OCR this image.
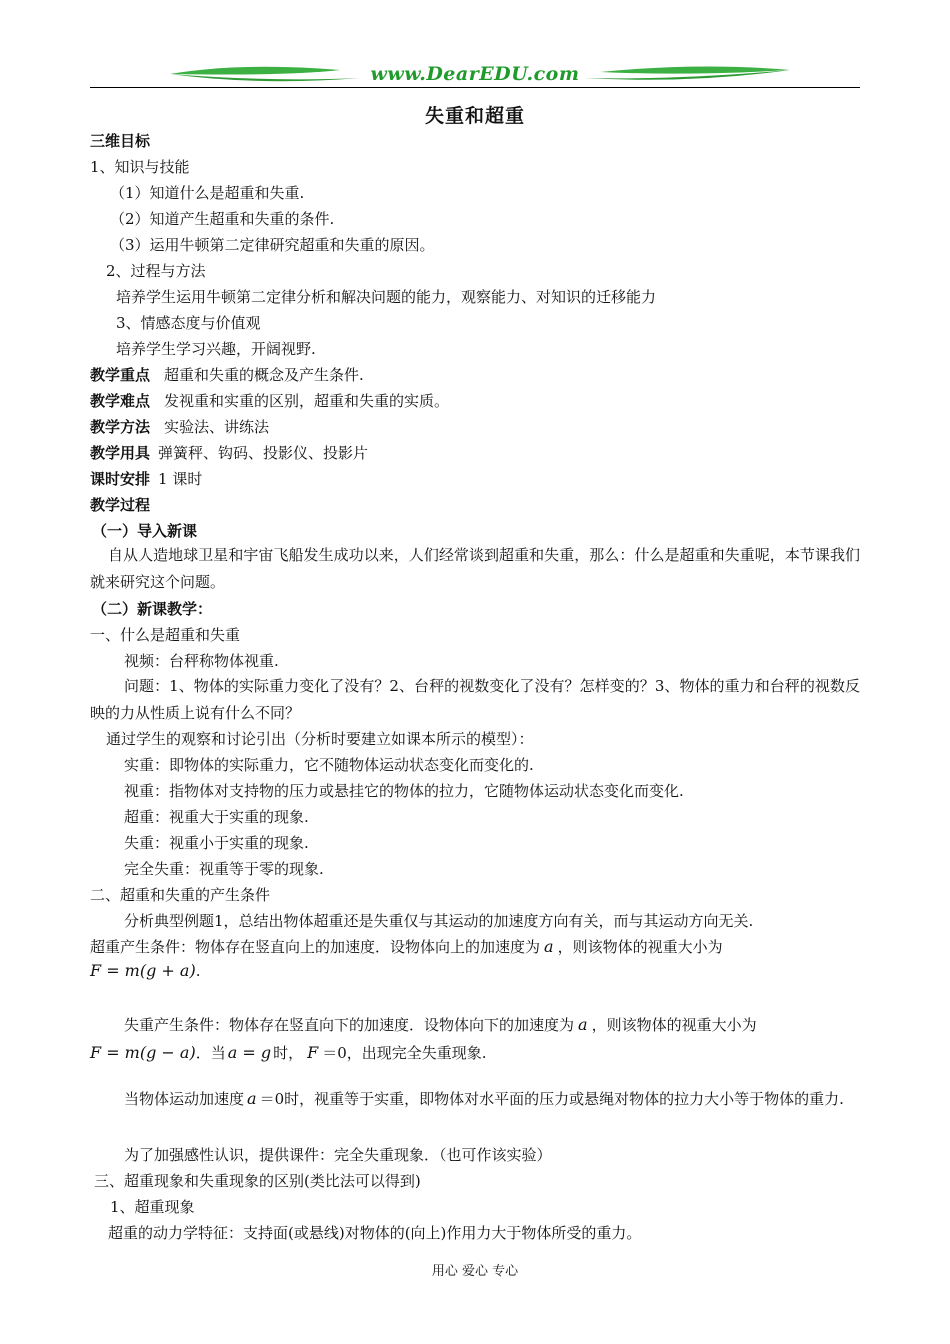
www.DearEDU.com
失重和超重
三维目标
1、知识与技能
（1）知道什么是超重和失重.
（2）知道产生超重和失重的条件.
（3）运用牛顿第二定律研究超重和失重的原因。
2、过程与方法
培养学生运用牛顿第二定律分析和解决问题的能力，观察能力、对知识的迁移能力
3、情感态度与价值观
培养学生学习兴趣，开阔视野.
教学重点 超重和失重的概念及产生条件.
教学难点 发视重和实重的区别，超重和失重的实质。
教学方法 实验法、讲练法
教学用具 弹簧秤、钩码、投影仪、投影片
课时安排 1 课时
教学过程
（一）导入新课
自从人造地球卫星和宇宙飞船发生成功以来，人们经常谈到超重和失重，那么：什么是超重和失重呢，本节课我们就来研究这个问题。
（二）新课教学：
一、什么是超重和失重
视频：台秤称物体视重.
问题：1、物体的实际重力变化了没有？2、台秤的视数变化了没有？怎样变的？3、物体的重力和台秤的视数反映的力从性质上说有什么不同？
通过学生的观察和讨论引出（分析时要建立如课本所示的模型）：
实重：即物体的实际重力，它不随物体运动状态变化而变化的.
视重：指物体对支持物的压力或悬挂它的物体的拉力，它随物体运动状态变化而变化.
超重：视重大于实重的现象.
失重：视重小于实重的现象.
完全失重：视重等于零的现象.
二、超重和失重的产生条件
分析典型例题1，总结出物体超重还是失重仅与其运动的加速度方向有关，而与其运动方向无关.
超重产生条件：物体存在竖直向上的加速度．设物体向上的加速度为 a ，则该物体的视重大小为
F = m(g + a).
失重产生条件：物体存在竖直向下的加速度．设物体向下的加速度为 a ，则该物体的视重大小为
F = m(g − a)．当 a = g 时， F ＝0，出现完全失重现象.
当物体运动加速度 a ＝0时，视重等于实重，即物体对水平面的压力或悬绳对物体的拉力大小等于物体的重力.
为了加强感性认识，提供课件：完全失重现象．（也可作该实验）
三、超重现象和失重现象的区别(类比法可以得到)
1、超重现象
超重的动力学特征：支持面(或悬线)对物体的(向上)作用力大于物体所受的重力。
用心 爱心 专心
